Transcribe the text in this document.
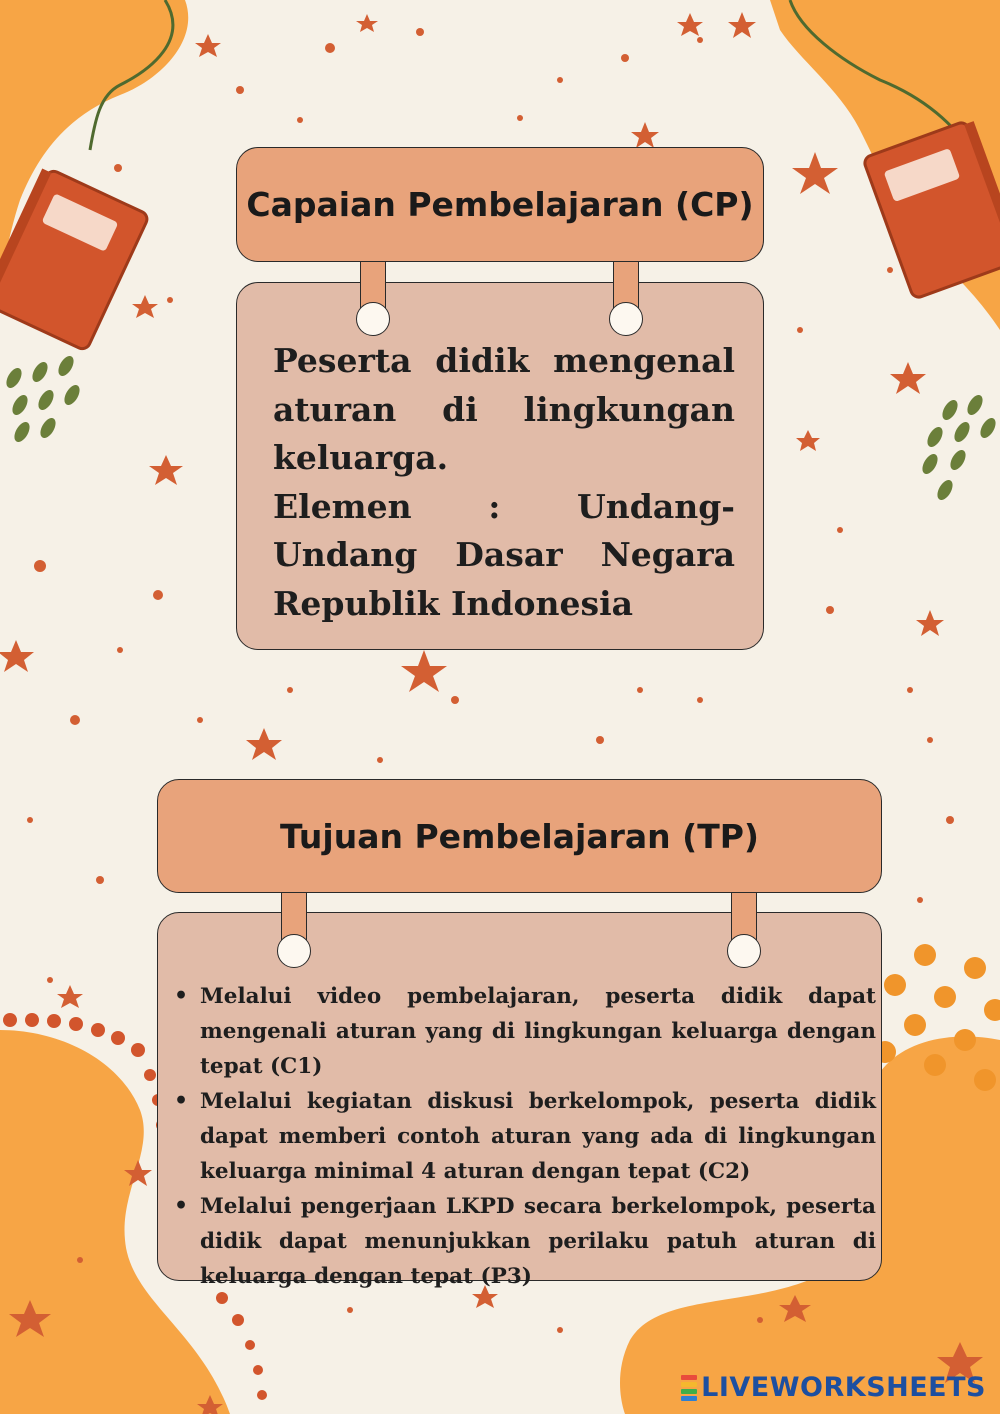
Capaian Pembelajaran (CP)

Peserta didik mengenal aturan di lingkungan keluarga.

Elemen : Undang-Undang Dasar Negara Republik Indonesia

Tujuan Pembelajaran (TP)
• Melalui video pembelajaran, peserta didik dapat mengenali aturan yang di lingkungan keluarga dengan tepat (C1)
• Melalui kegiatan diskusi berkelompok, peserta didik dapat memberi contoh aturan yang ada di lingkungan keluarga minimal 4 aturan dengan tepat (C2)
• Melalui pengerjaan LKPD secara berkelompok, peserta didik dapat menunjukkan perilaku patuh aturan di keluarga dengan tepat (P3)
LIVEWORKSHEETS
